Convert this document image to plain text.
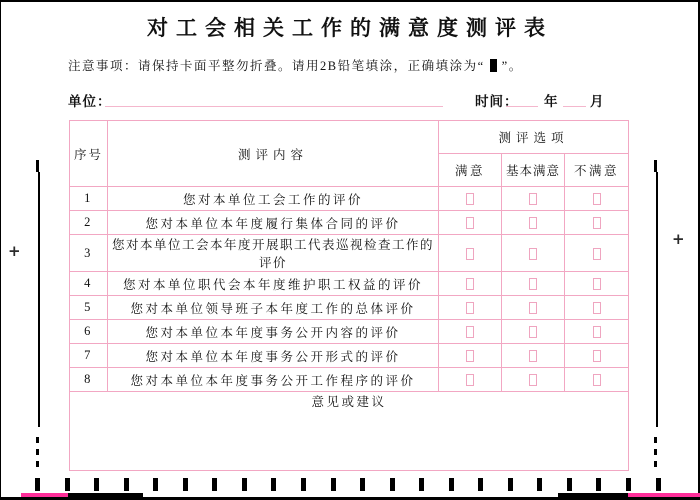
对工会相关工作的满意度测评表
注意事项：请保持卡面平整勿折叠。请用2B铅笔填涂，正确填涂为“ ”。
单位：	时间： 年 月
序号	测评内容	测评选项		
		满意	基本满意	不满意
1	您对本单位工会工作的评价			
2	您对本单位本年度履行集体合同的评价			
3	您对本单位工会本年度开展职工代表巡视检查工作的评价			
4	您对本单位职代会本年度维护职工权益的评价			
5	您对本单位领导班子本年度工作的总体评价			
6	您对本单位本年度事务公开内容的评价			
7	您对本单位本年度事务公开形式的评价			
8	您对本单位本年度事务公开工作程序的评价			
意见或建议				
+
+
